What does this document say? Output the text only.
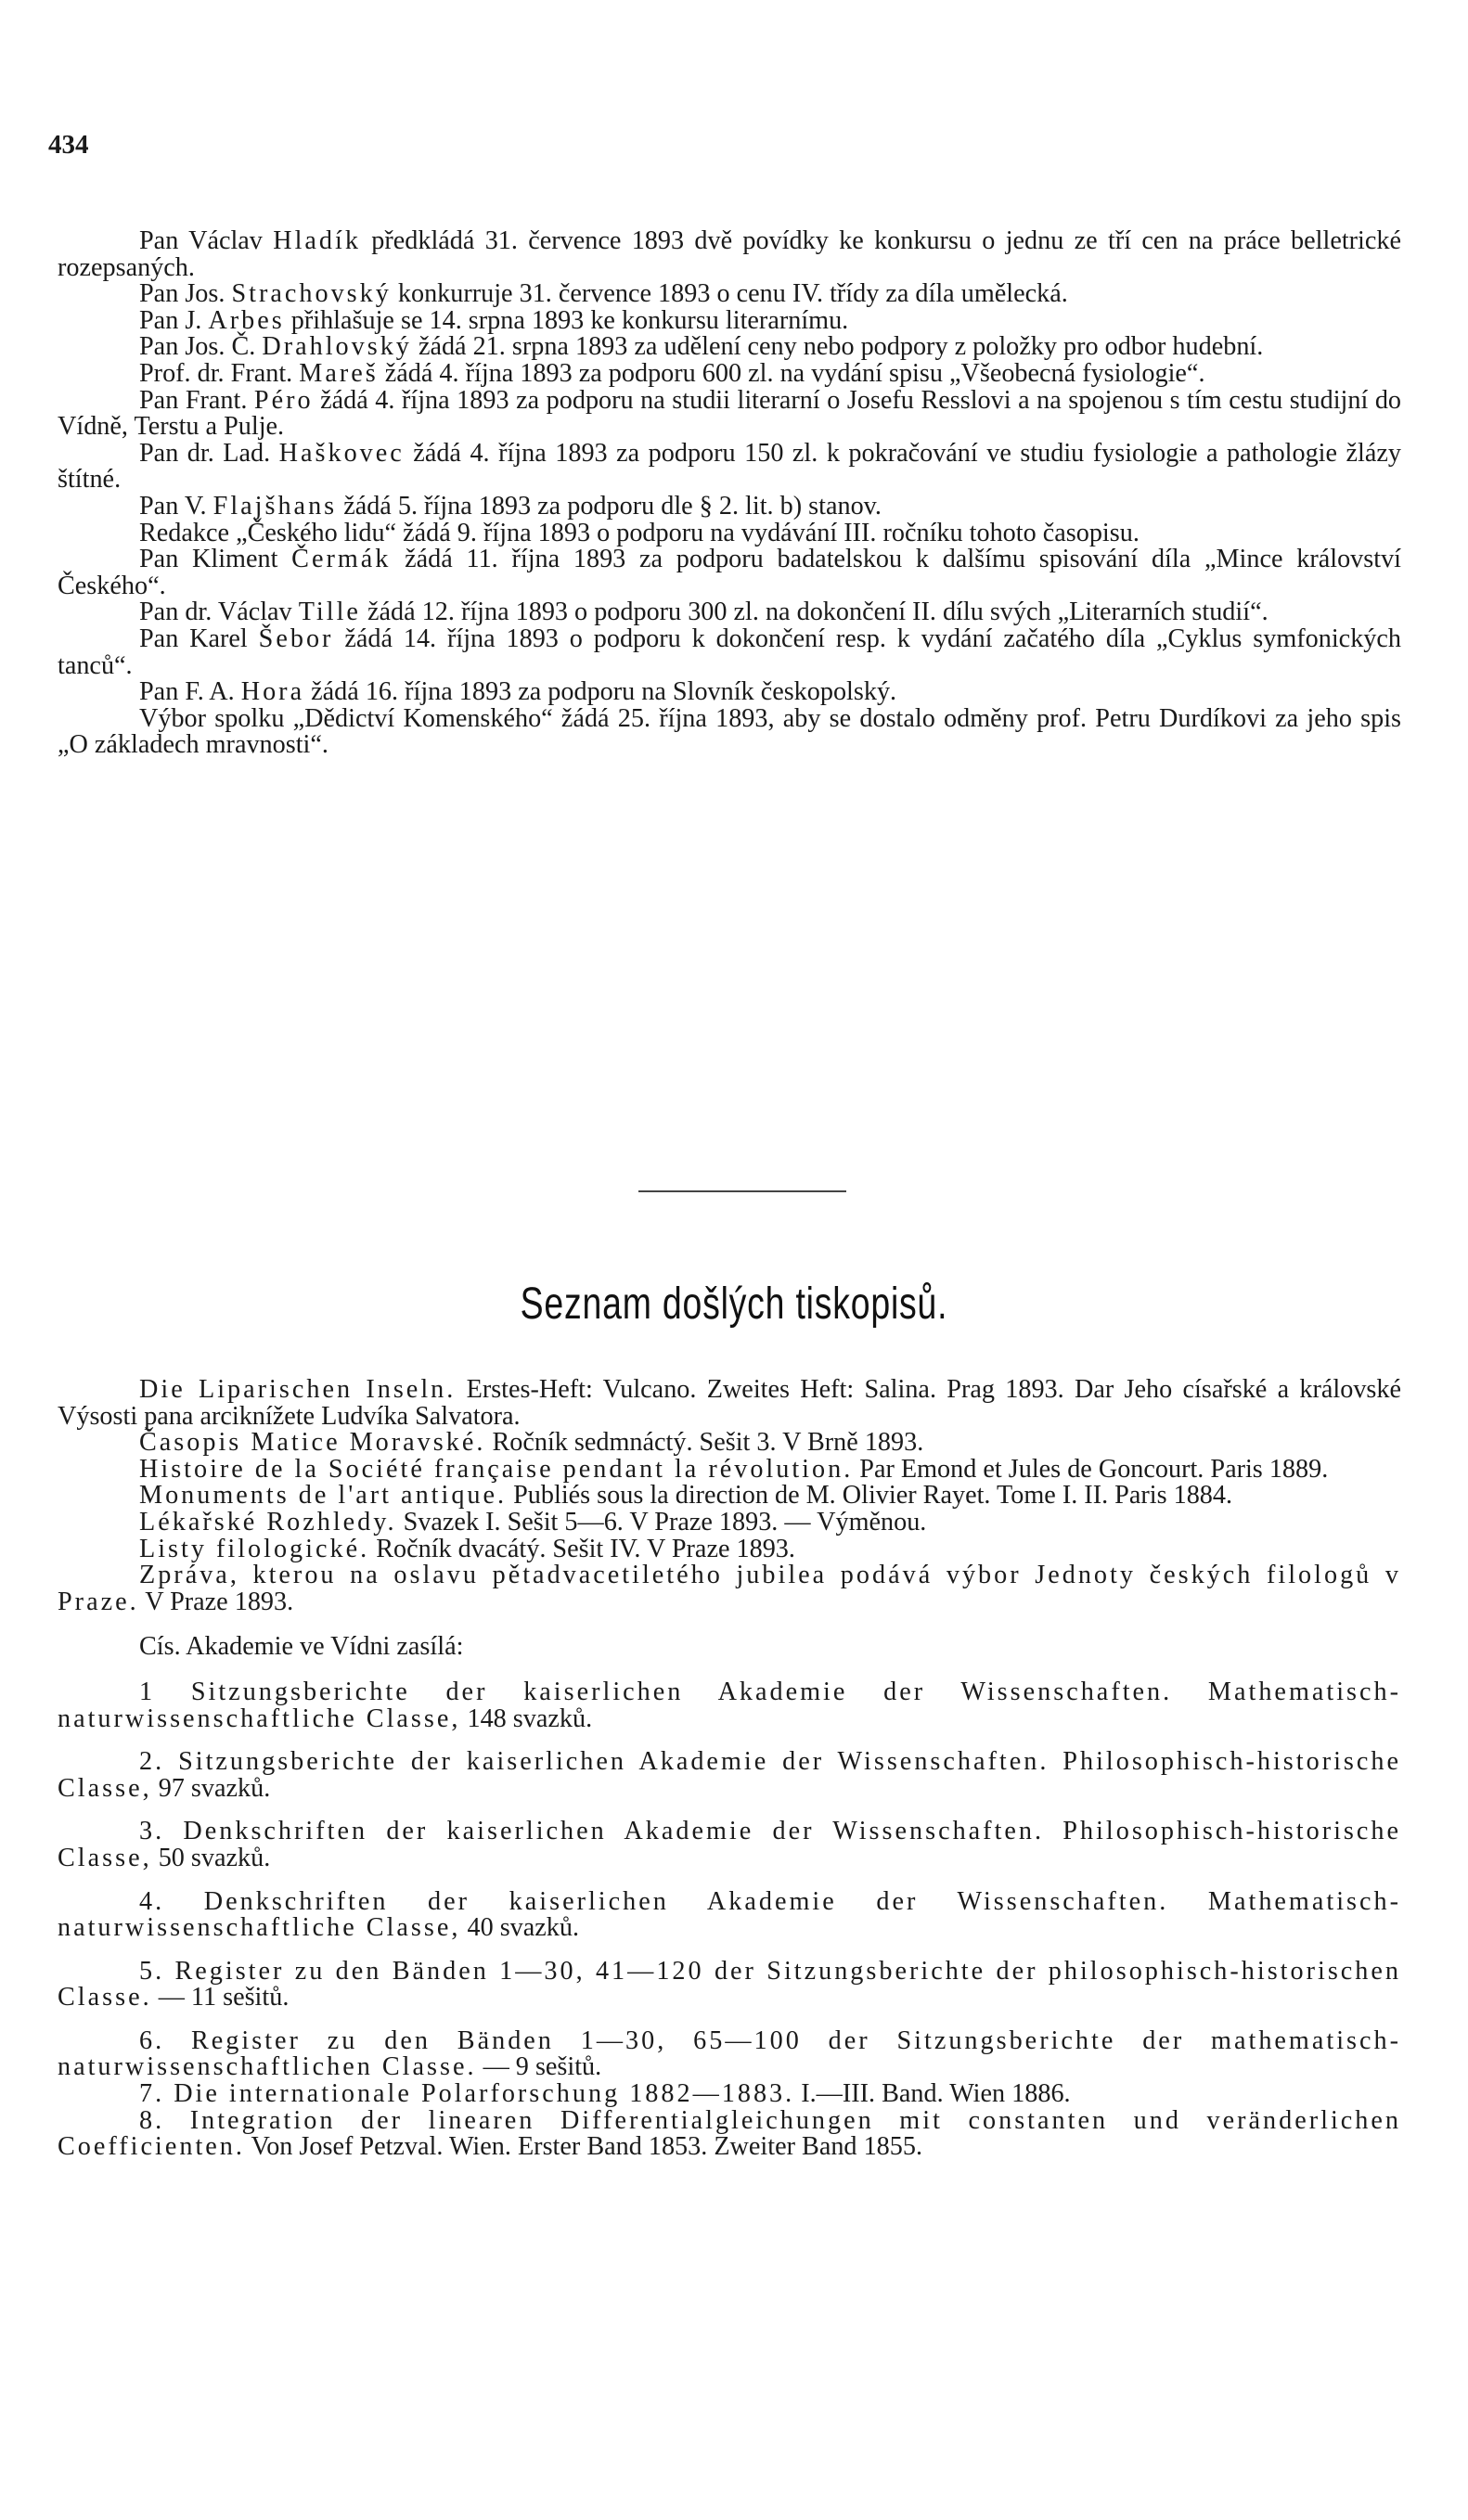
434

Pan Václav Hladík předkládá 31. července 1893 dvě povídky ke konkursu o jednu ze tří cen na práce belletrické rozepsaných.

Pan Jos. Strachovský konkurruje 31. července 1893 o cenu IV. třídy za díla umělecká.

Pan J. Arbes přihlašuje se 14. srpna 1893 ke konkursu literarnímu.

Pan Jos. Č. Drahlovský žádá 21. srpna 1893 za udělení ceny nebo podpory z položky pro odbor hudební.

Prof. dr. Frant. Mareš žádá 4. října 1893 za podporu 600 zl. na vydání spisu „Všeobecná fysiologie“.

Pan Frant. Péro žádá 4. října 1893 za podporu na studii literarní o Josefu Resslovi a na spojenou s tím cestu studijní do Vídně, Terstu a Pulje.

Pan dr. Lad. Haškovec žádá 4. října 1893 za podporu 150 zl. k pokračování ve studiu fysiologie a pathologie žlázy štítné.

Pan V. Flajšhans žádá 5. října 1893 za podporu dle § 2. lit. b) stanov.

Redakce „Českého lidu“ žádá 9. října 1893 o podporu na vydávání III. ročníku tohoto časopisu.

Pan Kliment Čermák žádá 11. října 1893 za podporu badatelskou k dalšímu spisování díla „Mince království Českého“.

Pan dr. Václav Tille žádá 12. října 1893 o podporu 300 zl. na dokončení II. dílu svých „Literarních studií“.

Pan Karel Šebor žádá 14. října 1893 o podporu k dokončení resp. k vydání začatého díla „Cyklus symfonických tanců“.

Pan F. A. Hora žádá 16. října 1893 za podporu na Slovník českopolský.

Výbor spolku „Dědictví Komenského“ žádá 25. října 1893, aby se dostalo odměny prof. Petru Durdíkovi za jeho spis „O základech mravnosti“.

Seznam došlých tiskopisů.

Die Liparischen Inseln. Erstes-Heft: Vulcano. Zweites Heft: Salina. Prag 1893. Dar Jeho císařské a královské Výsosti pana arciknížete Ludvíka Salvatora.

Časopis Matice Moravské. Ročník sedmnáctý. Sešit 3. V Brně 1893.

Histoire de la Société française pendant la révolution. Par Emond et Jules de Goncourt. Paris 1889.

Monuments de l'art antique. Publiés sous la direction de M. Olivier Rayet. Tome I. II. Paris 1884.

Lékařské Rozhledy. Svazek I. Sešit 5—6. V Praze 1893. — Výměnou.

Listy filologické. Ročník dvacátý. Sešit IV. V Praze 1893.

Zpráva, kterou na oslavu pětadvacetiletého jubilea podává výbor Jednoty českých filologů v Praze. V Praze 1893.

Cís. Akademie ve Vídni zasílá:

1 Sitzungsberichte der kaiserlichen Akademie der Wissenschaften. Mathematisch-naturwissenschaftliche Classe, 148 svazků.

2. Sitzungsberichte der kaiserlichen Akademie der Wissenschaften. Philosophisch-historische Classe, 97 svazků.

3. Denkschriften der kaiserlichen Akademie der Wissenschaften. Philosophisch-historische Classe, 50 svazků.

4. Denkschriften der kaiserlichen Akademie der Wissenschaften. Mathematisch-naturwissenschaftliche Classe, 40 svazků.

5. Register zu den Bänden 1—30, 41—120 der Sitzungsberichte der philosophisch-historischen Classe. — 11 sešitů.

6. Register zu den Bänden 1—30, 65—100 der Sitzungsberichte der mathematisch-naturwissenschaftlichen Classe. — 9 sešitů.

7. Die internationale Polarforschung 1882—1883. I.—III. Band. Wien 1886.

8. Integration der linearen Differentialgleichungen mit constanten und veränderlichen Coefficienten. Von Josef Petzval. Wien. Erster Band 1853. Zweiter Band 1855.
